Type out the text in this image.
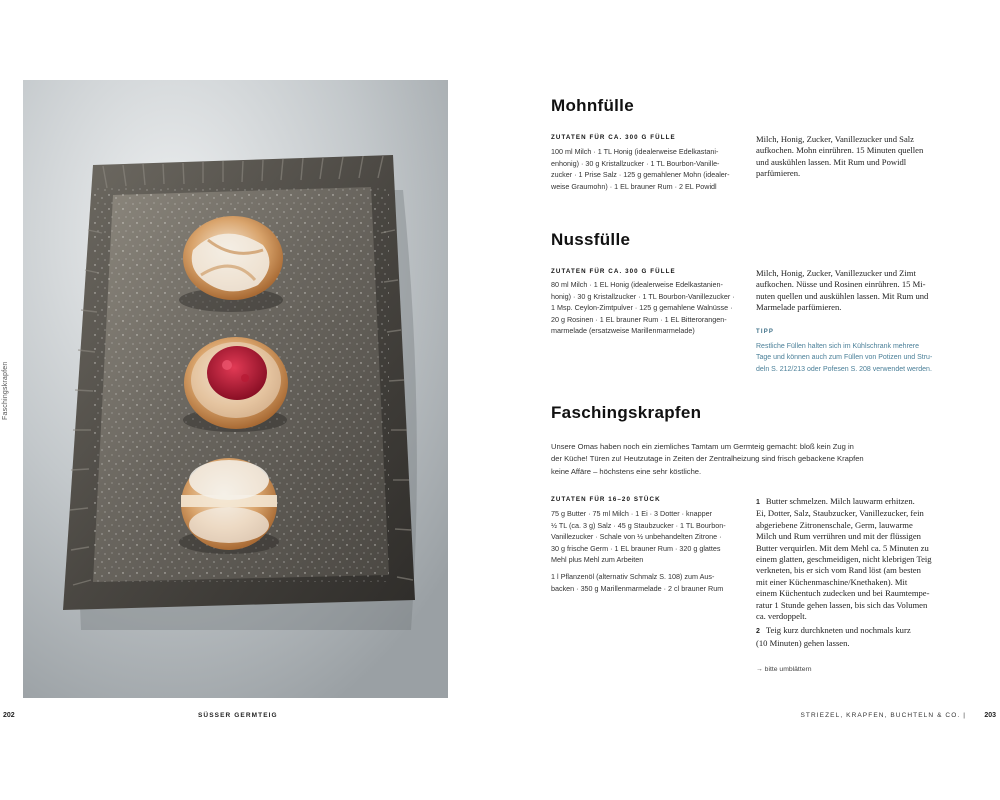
Faschingskrapfen
202	SÜSSER GERMTEIG
Mohnfülle
ZUTATEN FÜR CA. 300 G FÜLLE
100 ml Milch · 1 TL Honig (idealerweise Edelkastani-
enhonig) · 30 g Kristallzucker · 1 TL Bourbon-Vanille-
zucker · 1 Prise Salz · 125 g gemahlener Mohn (idealer-
weise Graumohn) · 1 EL brauner Rum · 2 EL Powidl
Milch, Honig, Zucker, Vanillezucker und Salz
aufkochen. Mohn einrühren. 15 Minuten quellen
und auskühlen lassen. Mit Rum und Powidl
parfümieren.
Nussfülle
ZUTATEN FÜR CA. 300 G FÜLLE
80 ml Milch · 1 EL Honig (idealerweise Edelkastanien-
honig) · 30 g Kristallzucker · 1 TL Bourbon-Vanillezucker ·
1 Msp. Ceylon-Zimtpulver · 125 g gemahlene Walnüsse ·
20 g Rosinen · 1 EL brauner Rum · 1 EL Bitterorangen-
marmelade (ersatzweise Marillenmarmelade)
Milch, Honig, Zucker, Vanillezucker und Zimt
aufkochen. Nüsse und Rosinen einrühren. 15 Mi-
nuten quellen und auskühlen lassen. Mit Rum und
Marmelade parfümieren.
TIPP
Restliche Füllen halten sich im Kühlschrank mehrere
Tage und können auch zum Füllen von Potizen und Stru-
deln S. 212/213 oder Pofesen S. 208 verwendet werden.
Faschingskrapfen
Unsere Omas haben noch ein ziemliches Tamtam um Germteig gemacht: bloß kein Zug in
der Küche! Türen zu! Heutzutage in Zeiten der Zentralheizung sind frisch gebackene Krapfen
keine Affäre – höchstens eine sehr köstliche.
ZUTATEN FÜR 16–20 STÜCK
75 g Butter · 75 ml Milch · 1 Ei · 3 Dotter · knapper
½ TL (ca. 3 g) Salz · 45 g Staubzucker · 1 TL Bourbon-
Vanillezucker · Schale von ½ unbehandelten Zitrone ·
30 g frische Germ · 1 EL brauner Rum · 320 g glattes
Mehl plus Mehl zum Arbeiten
1 l Pflanzenöl (alternativ Schmalz S. 108) zum Aus-
backen · 350 g Marillenmarmelade · 2 cl brauner Rum
1 Butter schmelzen. Milch lauwarm erhitzen.
Ei, Dotter, Salz, Staubzucker, Vanillezucker, fein
abgeriebene Zitronenschale, Germ, lauwarme
Milch und Rum verrühren und mit der flüssigen
Butter verquirlen. Mit dem Mehl ca. 5 Minuten zu
einem glatten, geschmeidigen, nicht klebrigen Teig
verkneten, bis er sich vom Rand löst (am besten
mit einer Küchenmaschine/Knethaken). Mit
einem Küchentuch zudecken und bei Raumtempe-
ratur 1 Stunde gehen lassen, bis sich das Volumen
ca. verdoppelt.
2 Teig kurz durchkneten und nochmals kurz
(10 Minuten) gehen lassen.
→ bitte umblättern
STRIEZEL, KRAPFEN, BUCHTELN & CO. |	203
